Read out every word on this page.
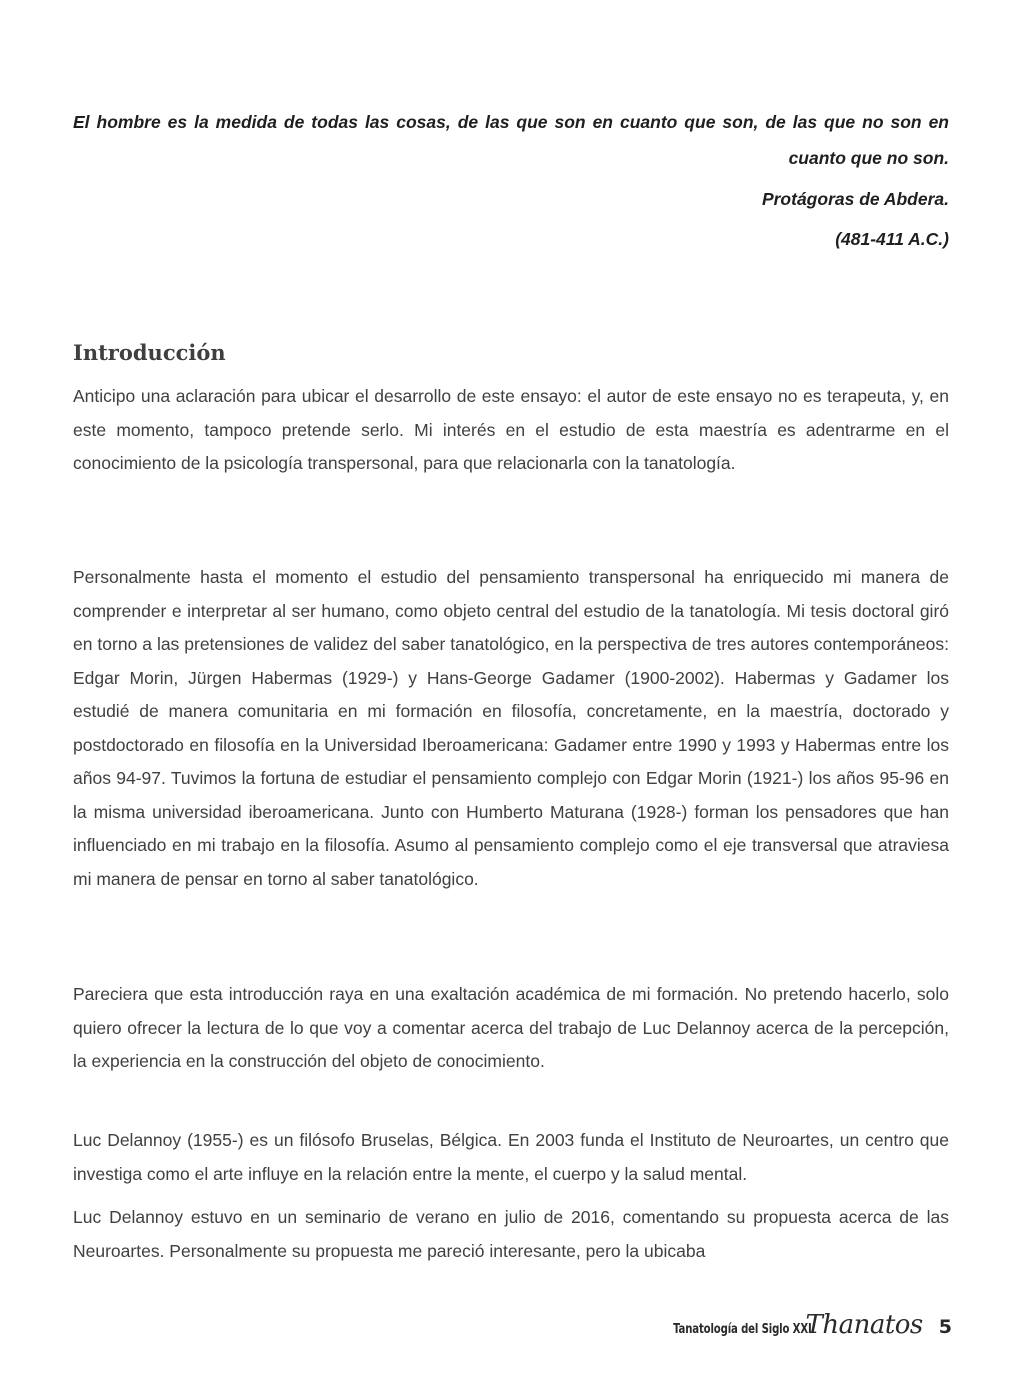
El hombre es la medida de todas las cosas, de las que son en cuanto que son, de las que no son en cuanto que no son.

Protágoras de Abdera.

(481-411 A.C.)

Introducción

Anticipo una aclaración para ubicar el desarrollo de este ensayo: el autor de este ensayo no es terapeuta, y, en este momento, tampoco pretende serlo. Mi interés en el estudio de esta maestría es adentrarme en el conocimiento de la psicología transpersonal, para que relacionarla con la tanatología.

Personalmente hasta el momento el estudio del pensamiento transpersonal ha enriquecido mi manera de comprender e interpretar al ser humano, como objeto central del estudio de la tanatología. Mi tesis doctoral giró en torno a las pretensiones de validez del saber tanatológico, en la perspectiva de tres autores contemporáneos: Edgar Morin, Jürgen Habermas (1929-) y Hans-George Gadamer (1900-2002). Habermas y Gadamer los estudié de manera comunitaria en mi formación en filosofía, concretamente, en la maestría, doctorado y postdoctorado en filosofía en la Universidad Iberoamericana: Gadamer entre 1990 y 1993 y Habermas entre los años 94-97. Tuvimos la fortuna de estudiar el pensamiento complejo con Edgar Morin (1921-) los años 95-96 en la misma universidad iberoamericana. Junto con Humberto Maturana (1928-) forman los pensadores que han influenciado en mi trabajo en la filosofía. Asumo al pensamiento complejo como el eje transversal que atraviesa mi manera de pensar en torno al saber tanatológico.

Pareciera que esta introducción raya en una exaltación académica de mi formación. No pretendo hacerlo, solo quiero ofrecer la lectura de lo que voy a comentar acerca del trabajo de Luc Delannoy acerca de la percepción, la experiencia en la construcción del objeto de conocimiento.

Luc Delannoy (1955-) es un filósofo Bruselas, Bélgica. En 2003 funda el Instituto de Neuroartes, un centro que investiga como el arte influye en la relación entre la mente, el cuerpo y la salud mental.

Luc Delannoy estuvo en un seminario de verano en julio de 2016, comentando su propuesta acerca de las Neuroartes. Personalmente su propuesta me pareció interesante, pero la ubicaba

Tanatología del Siglo XXI
Thanatos 5
